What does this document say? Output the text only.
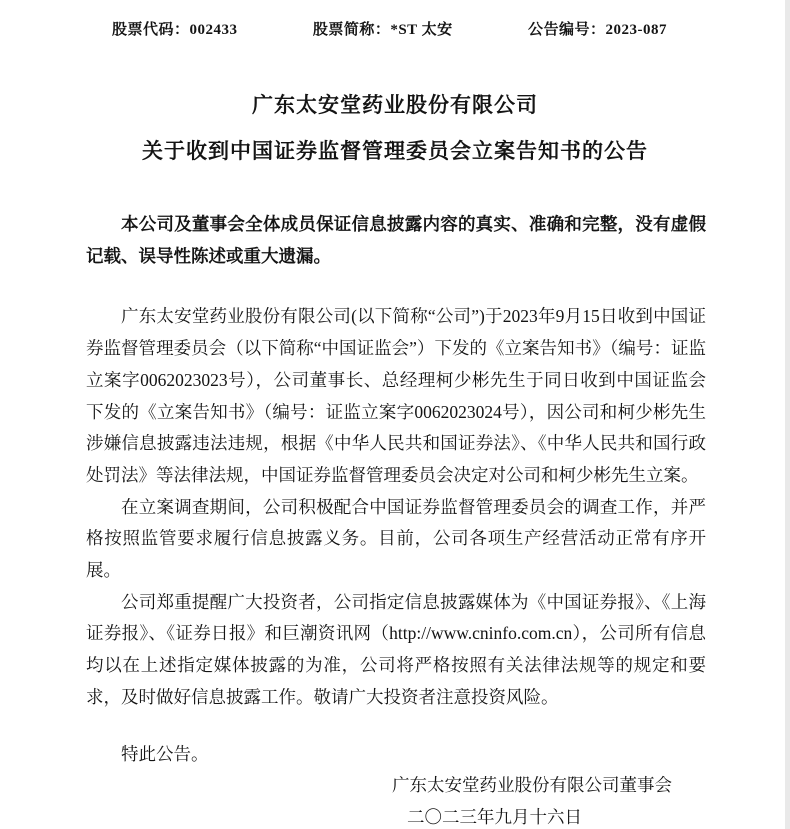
股票代码：002433	股票简称：*ST 太安	公告编号：2023-087
广东太安堂药业股份有限公司
关于收到中国证券监督管理委员会立案告知书的公告

本公司及董事会全体成员保证信息披露内容的真实、准确和完整，没有虚假记载、误导性陈述或重大遗漏。

广东太安堂药业股份有限公司(以下简称“公司”)于2023年9月15日收到中国证券监督管理委员会（以下简称“中国证监会”）下发的《立案告知书》（编号：证监立案字0062023023号），公司董事长、总经理柯少彬先生于同日收到中国证监会下发的《立案告知书》（编号：证监立案字0062023024号），因公司和柯少彬先生涉嫌信息披露违法违规，根据《中华人民共和国证券法》、《中华人民共和国行政处罚法》等法律法规，中国证券监督管理委员会决定对公司和柯少彬先生立案。

在立案调查期间，公司积极配合中国证券监督管理委员会的调查工作，并严格按照监管要求履行信息披露义务。目前，公司各项生产经营活动正常有序开展。

公司郑重提醒广大投资者，公司指定信息披露媒体为《中国证券报》、《上海证券报》、《证券日报》和巨潮资讯网（http://www.cninfo.com.cn），公司所有信息均以在上述指定媒体披露的为准，公司将严格按照有关法律法规等的规定和要求，及时做好信息披露工作。敬请广大投资者注意投资风险。

特此公告。

广东太安堂药业股份有限公司董事会

二〇二三年九月十六日
